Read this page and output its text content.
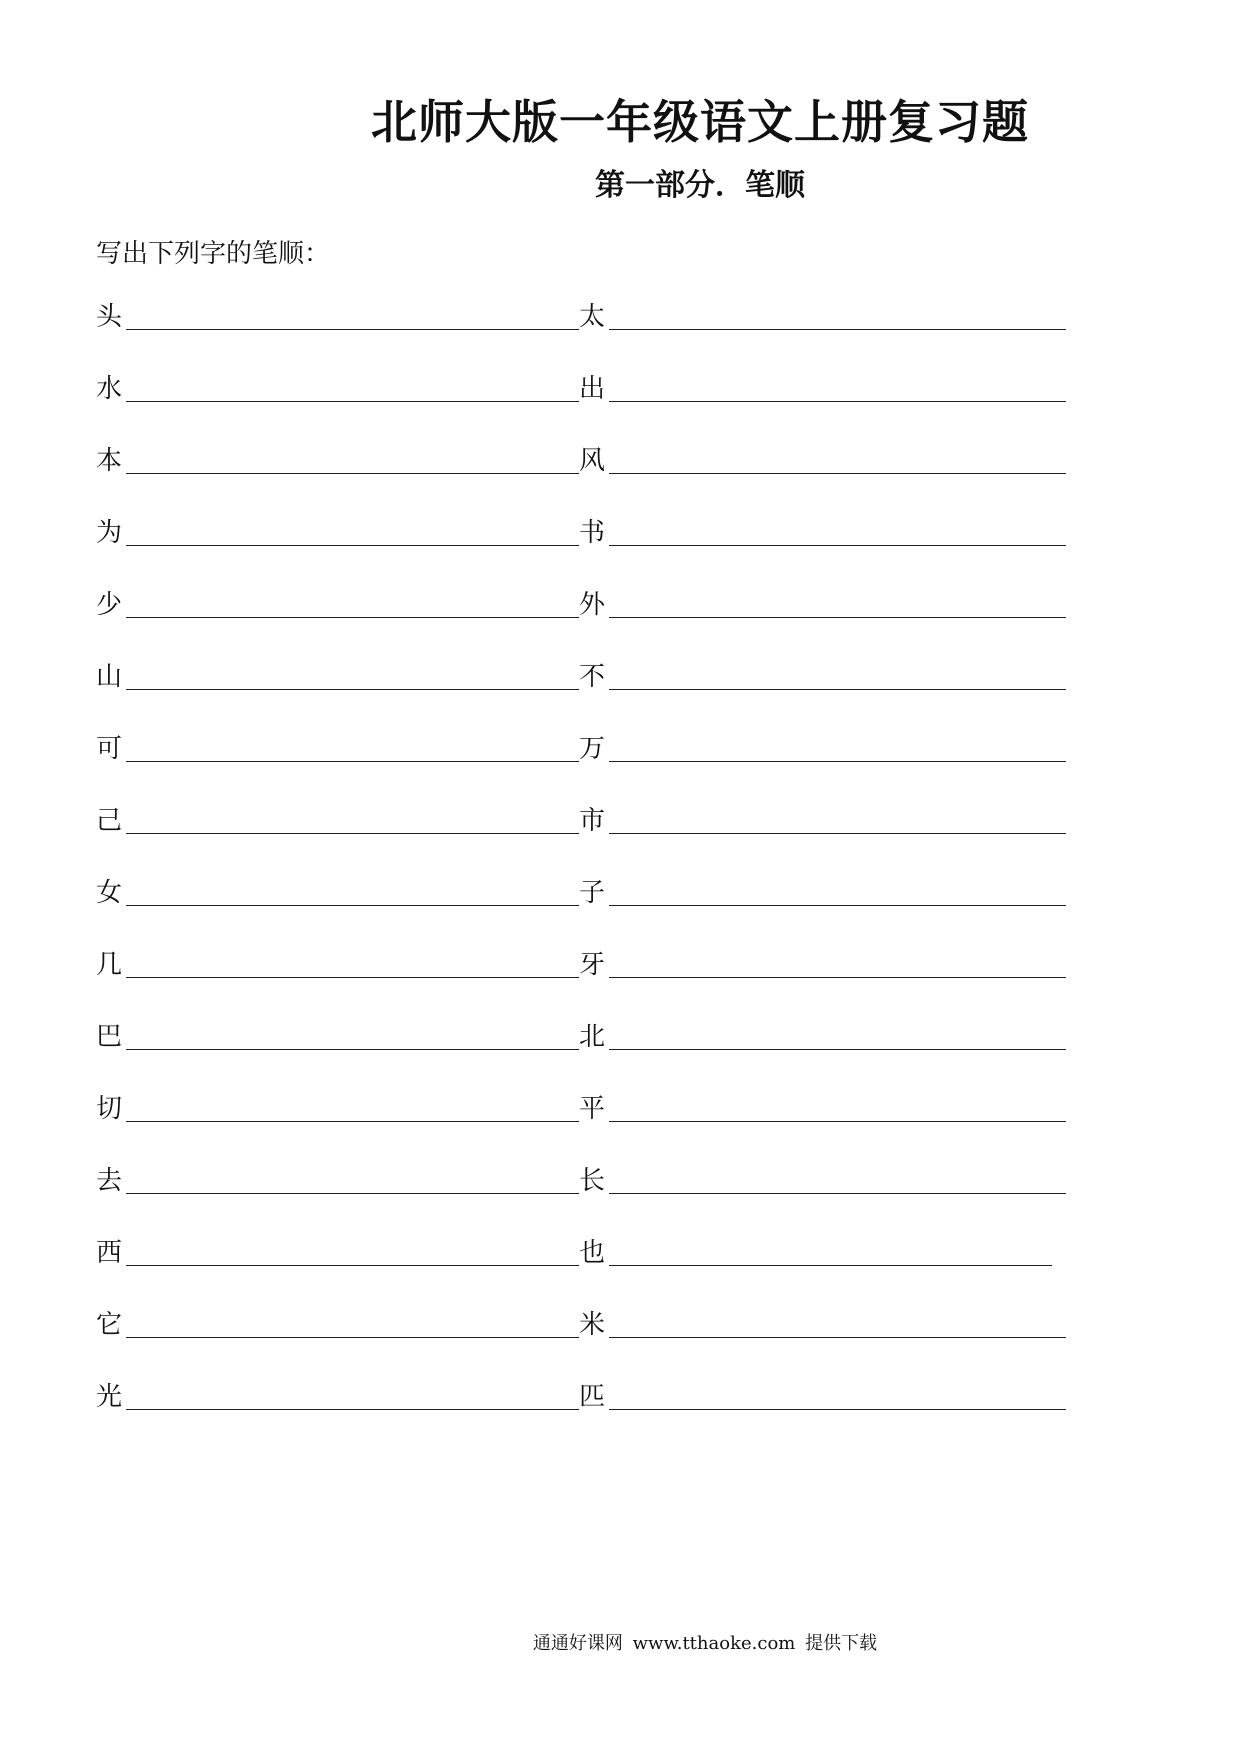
北师大版一年级语文上册复习题
第一部分．笔顺
写出下列字的笔顺：
头	太
水	出
本	风
为	书
少	外
山	不
可	万
己	市
女	子
几	牙
巴	北
切	平
去	长
西	也
它	米
光	匹
通通好课网 www.tthaoke.com 提供下载
